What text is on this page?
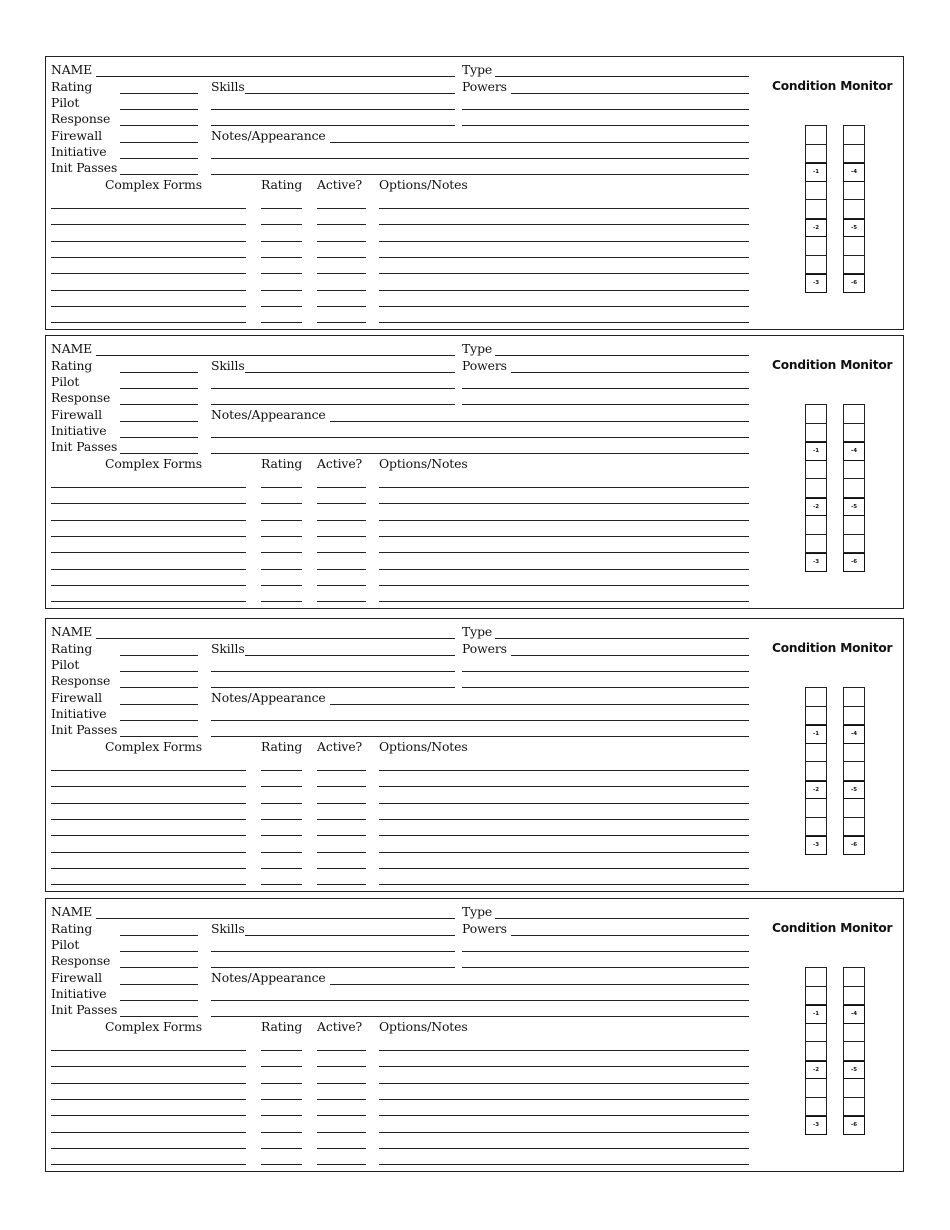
NAME	Type
Rating	Skills	Powers
Pilot
Response
Firewall	Notes/Appearance
Initiative
Init Passes
Complex Forms	Rating Active? Options/Notes
Condition Monitor
-1
-2
-3
-4
-5
-6
NAME	Type
Rating	Skills	Powers
Pilot
Response
Firewall	Notes/Appearance
Initiative
Init Passes
Complex Forms	Rating Active? Options/Notes
Condition Monitor
-1
-2
-3
-4
-5
-6
NAME	Type
Rating	Skills	Powers
Pilot
Response
Firewall	Notes/Appearance
Initiative
Init Passes
Complex Forms	Rating Active? Options/Notes
Condition Monitor
-1
-2
-3
-4
-5
-6
NAME	Type
Rating	Skills	Powers
Pilot
Response
Firewall	Notes/Appearance
Initiative
Init Passes
Complex Forms	Rating Active? Options/Notes
Condition Monitor
-1
-2
-3
-4
-5
-6
